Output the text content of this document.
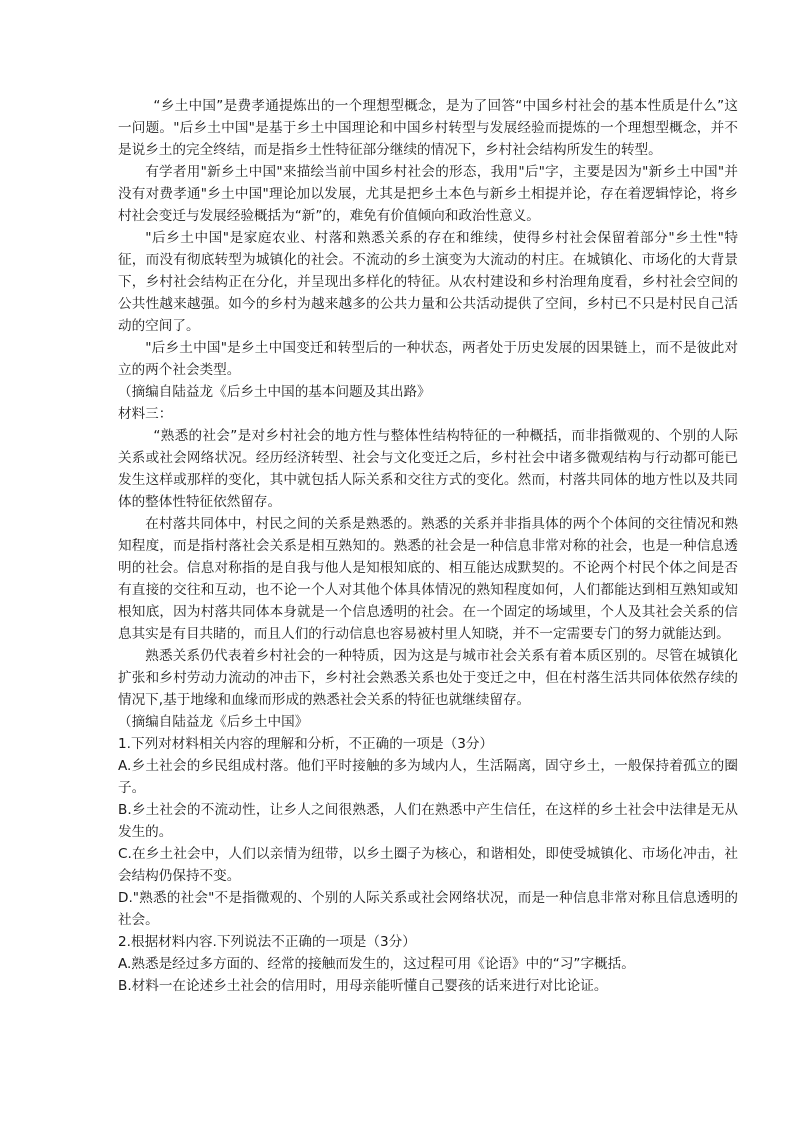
“乡土中国”是费孝通提炼出的一个理想型概念，是为了回答“中国乡村社会的基本性质是什么”这一问题。"后乡土中国"是基于乡土中国理论和中国乡村转型与发展经验而提炼的一个理想型概念，并不是说乡土的完全终结，而是指乡土性特征部分继续的情况下，乡村社会结构所发生的转型。

有学者用"新乡土中国"来描绘当前中国乡村社会的形态，我用"后"字，主要是因为"新乡土中国"并没有对费孝通"乡土中国"理论加以发展，尤其是把乡土本色与新乡土相提并论，存在着逻辑悖论，将乡村社会变迁与发展经验概括为“新”的，难免有价值倾向和政治性意义。

"后乡土中国"是家庭农业、村落和熟悉关系的存在和维续，使得乡村社会保留着部分"乡土性"特征，而没有彻底转型为城镇化的社会。不流动的乡土演变为大流动的村庄。在城镇化、市场化的大背景下，乡村社会结构正在分化，并呈现出多样化的特征。从农村建设和乡村治理角度看，乡村社会空间的公共性越来越强。如今的乡村为越来越多的公共力量和公共活动提供了空间，乡村已不只是村民自己活动的空间了。

"后乡土中国"是乡土中国变迁和转型后的一种状态，两者处于历史发展的因果链上，而不是彼此对立的两个社会类型。

（摘编自陆益龙《后乡土中国的基本问题及其出路》

材料三：

“熟悉的社会”是对乡村社会的地方性与整体性结构特征的一种概括，而非指微观的、个别的人际关系或社会网络状况。经历经济转型、社会与文化变迁之后，乡村社会中诸多微观结构与行动都可能已发生这样或那样的变化，其中就包括人际关系和交往方式的变化。然而，村落共同体的地方性以及共同体的整体性特征依然留存。

在村落共同体中，村民之间的关系是熟悉的。熟悉的关系并非指具体的两个个体间的交往情况和熟知程度，而是指村落社会关系是相互熟知的。熟悉的社会是一种信息非常对称的社会，也是一种信息透明的社会。信息对称指的是自我与他人是知根知底的、相互能达成默契的。不论两个村民个体之间是否有直接的交往和互动，也不论一个人对其他个体具体情况的熟知程度如何，人们都能达到相互熟知或知根知底，因为村落共同体本身就是一个信息透明的社会。在一个固定的场域里，个人及其社会关系的信息其实是有目共睹的，而且人们的行动信息也容易被村里人知晓，并不一定需要专门的努力就能达到。

熟悉关系仍代表着乡村社会的一种特质，因为这是与城市社会关系有着本质区别的。尽管在城镇化扩张和乡村劳动力流动的冲击下，乡村社会熟悉关系也处于变迁之中，但在村落生活共同体依然存续的情况下,基于地缘和血缘而形成的熟悉社会关系的特征也就继续留存。

（摘编自陆益龙《后乡土中国》

1.下列对材料相关内容的理解和分析，不正确的一项是（3分）

A.乡土社会的乡民组成村落。他们平时接触的多为域内人，生活隔离，固守乡土，一般保持着孤立的圈子。

B.乡土社会的不流动性，让乡人之间很熟悉，人们在熟悉中产生信任，在这样的乡土社会中法律是无从发生的。

C.在乡土社会中，人们以亲情为纽带，以乡土圈子为核心，和谐相处，即使受城镇化、市场化冲击，社会结构仍保持不变。

D."熟悉的社会"不是指微观的、个别的人际关系或社会网络状况，而是一种信息非常对称且信息透明的社会。

2.根据材料内容.下列说法不正确的一项是（3分）

A.熟悉是经过多方面的、经常的接触而发生的，这过程可用《论语》中的“习”字概括。

B.材料一在论述乡土社会的信用时，用母亲能听懂自己婴孩的话来进行对比论证。
